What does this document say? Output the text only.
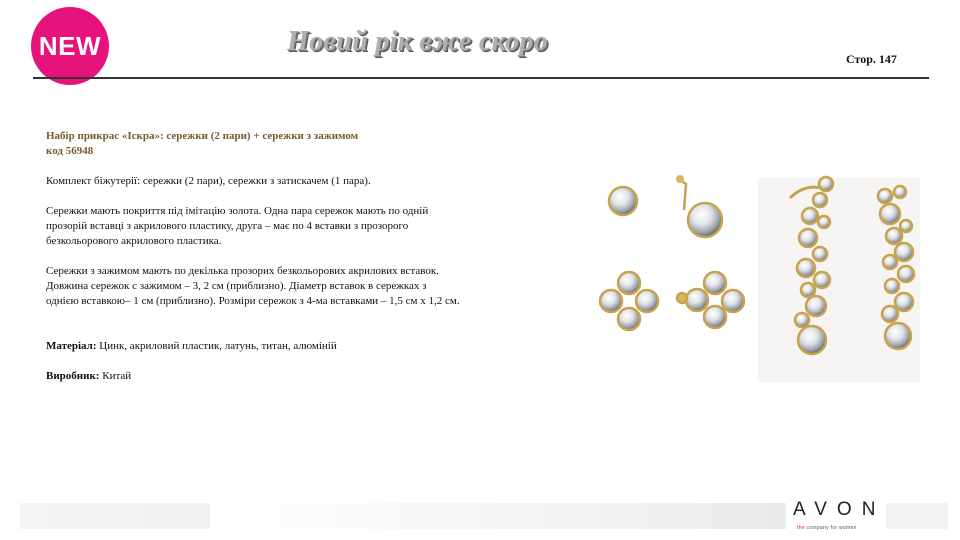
NEW	Новий рік вже скоро
Стор. 147

Набір прикрас «Іскра»: сережки (2 пари) + сережки з зажимом

код 56948

Комплект біжутерії: сережки (2 пари), сережки з затискачем (1 пара).

Сережки мають покриття під імітацію золота. Одна пара сережок мають по одній

прозорій вставці з акрилового пластику, друга – має по 4 вставки з прозорого

безкольорового акрилового пластика.

Сережки з зажимом мають по декілька прозорих безкольорових акрилових вставок.

Довжина сережок с зажимом – 3, 2 см (приблизно). Діаметр вставок в сережках з

однією вставкою– 1 см (приблизно). Розміри сережок з 4-ма вставками – 1,5 см х 1,2 см.

Матеріал: Цинк, акриловий пластик, латунь, титан, алюміній

Виробник: Китай

AVON
the company for women
